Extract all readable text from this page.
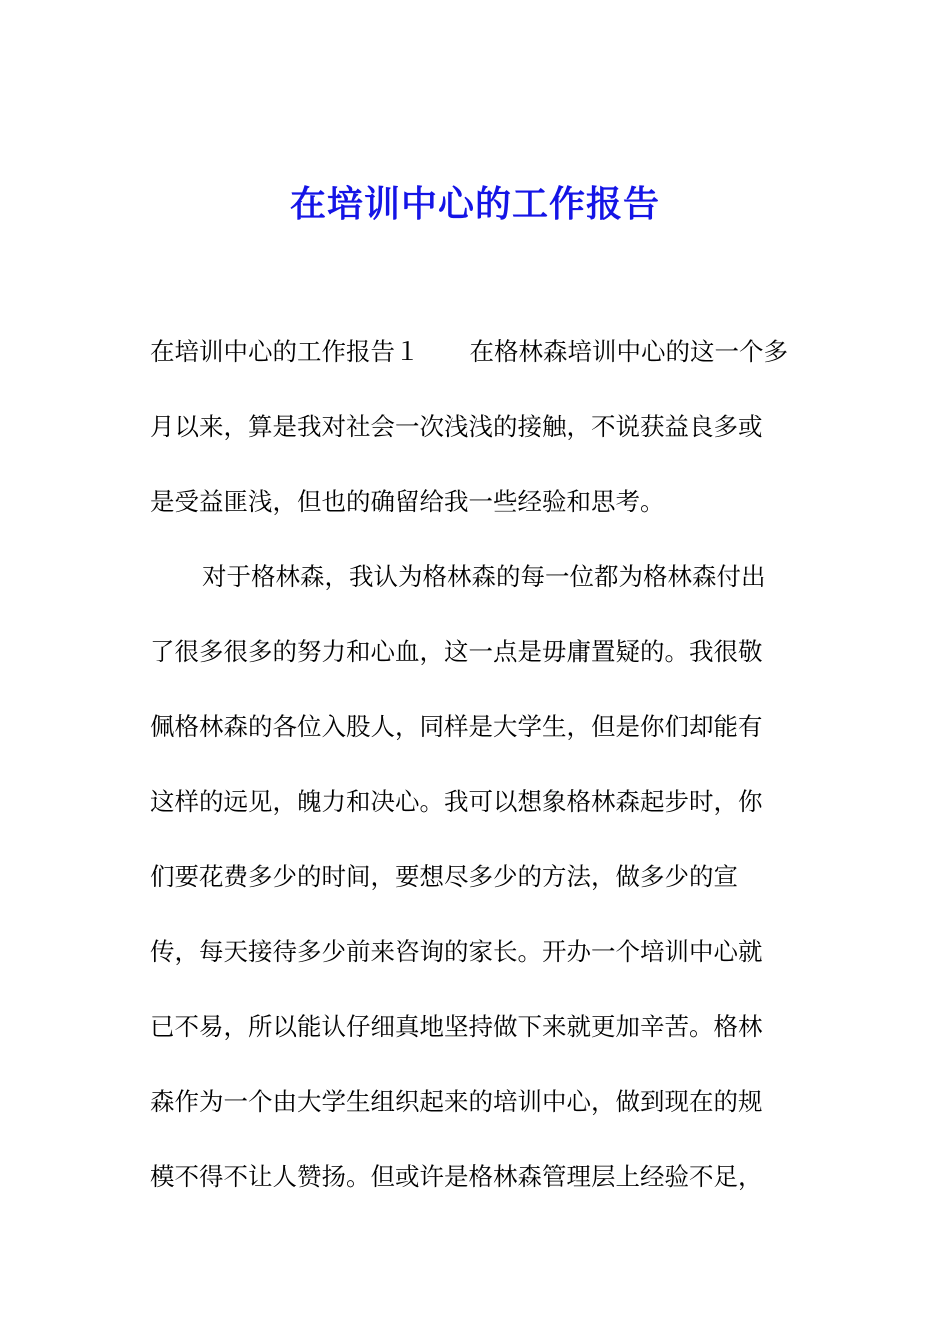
在培训中心的工作报告

在培训中心的工作报告１ 在格林森培训中心的这一个多

月以来，算是我对社会一次浅浅的接触，不说获益良多或

是受益匪浅，但也的确留给我一些经验和思考。

对于格林森，我认为格林森的每一位都为格林森付出

了很多很多的努力和心血，这一点是毋庸置疑的。我很敬

佩格林森的各位入股人，同样是大学生，但是你们却能有

这样的远见，魄力和决心。我可以想象格林森起步时，你

们要花费多少的时间，要想尽多少的方法，做多少的宣

传，每天接待多少前来咨询的家长。开办一个培训中心就

已不易，所以能认仔细真地坚持做下来就更加辛苦。格林

森作为一个由大学生组织起来的培训中心，做到现在的规

模不得不让人赞扬。但或许是格林森管理层上经验不足，
